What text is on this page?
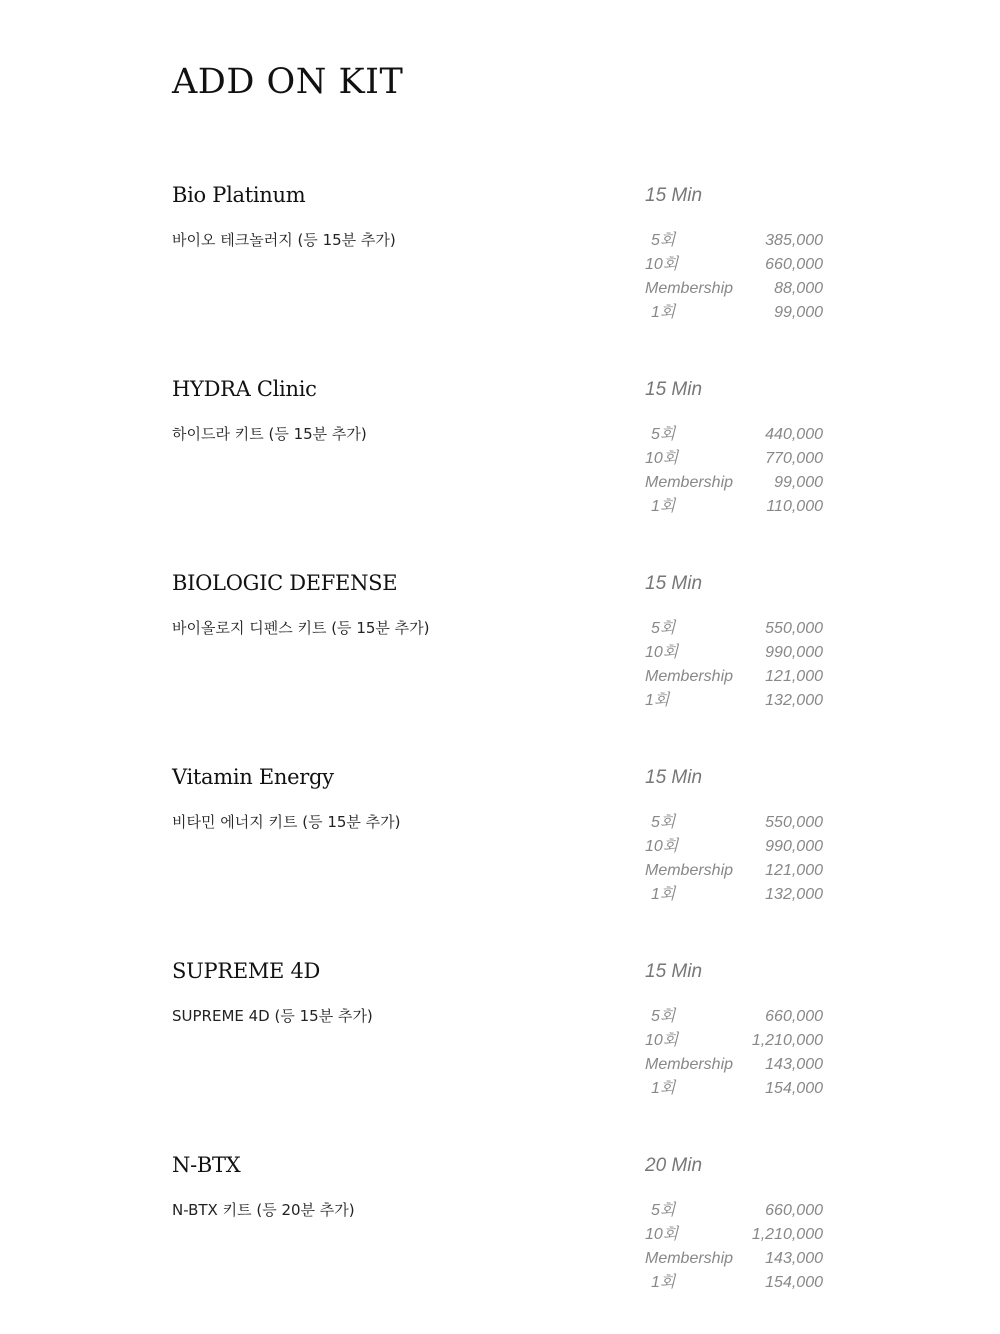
ADD ON KIT
Bio Platinum	15 Min
바이오 테크놀러지 (등 15분 추가)	5회	385,000
10회	660,000
Membership	88,000
1회	99,000
HYDRA Clinic	15 Min
하이드라 키트 (등 15분 추가)	5회	440,000
10회	770,000
Membership	99,000
1회	110,000
BIOLOGIC DEFENSE	15 Min
바이올로지 디펜스 키트 (등 15분 추가)	5회	550,000
10회	990,000
Membership 121,000
1회	132,000
Vitamin Energy	15 Min
비타민 에너지 키트 (등 15분 추가)	5회	550,000
10회	990,000
Membership 121,000
1회	132,000
SUPREME 4D	15 Min
SUPREME 4D (등 15분 추가)	5회	660,000
10회	1,210,000
Membership 143,000
1회	154,000
N-BTX	20 Min
N-BTX 키트 (등 20분 추가)	5회	660,000
10회	1,210,000
Membership 143,000
1회	154,000
